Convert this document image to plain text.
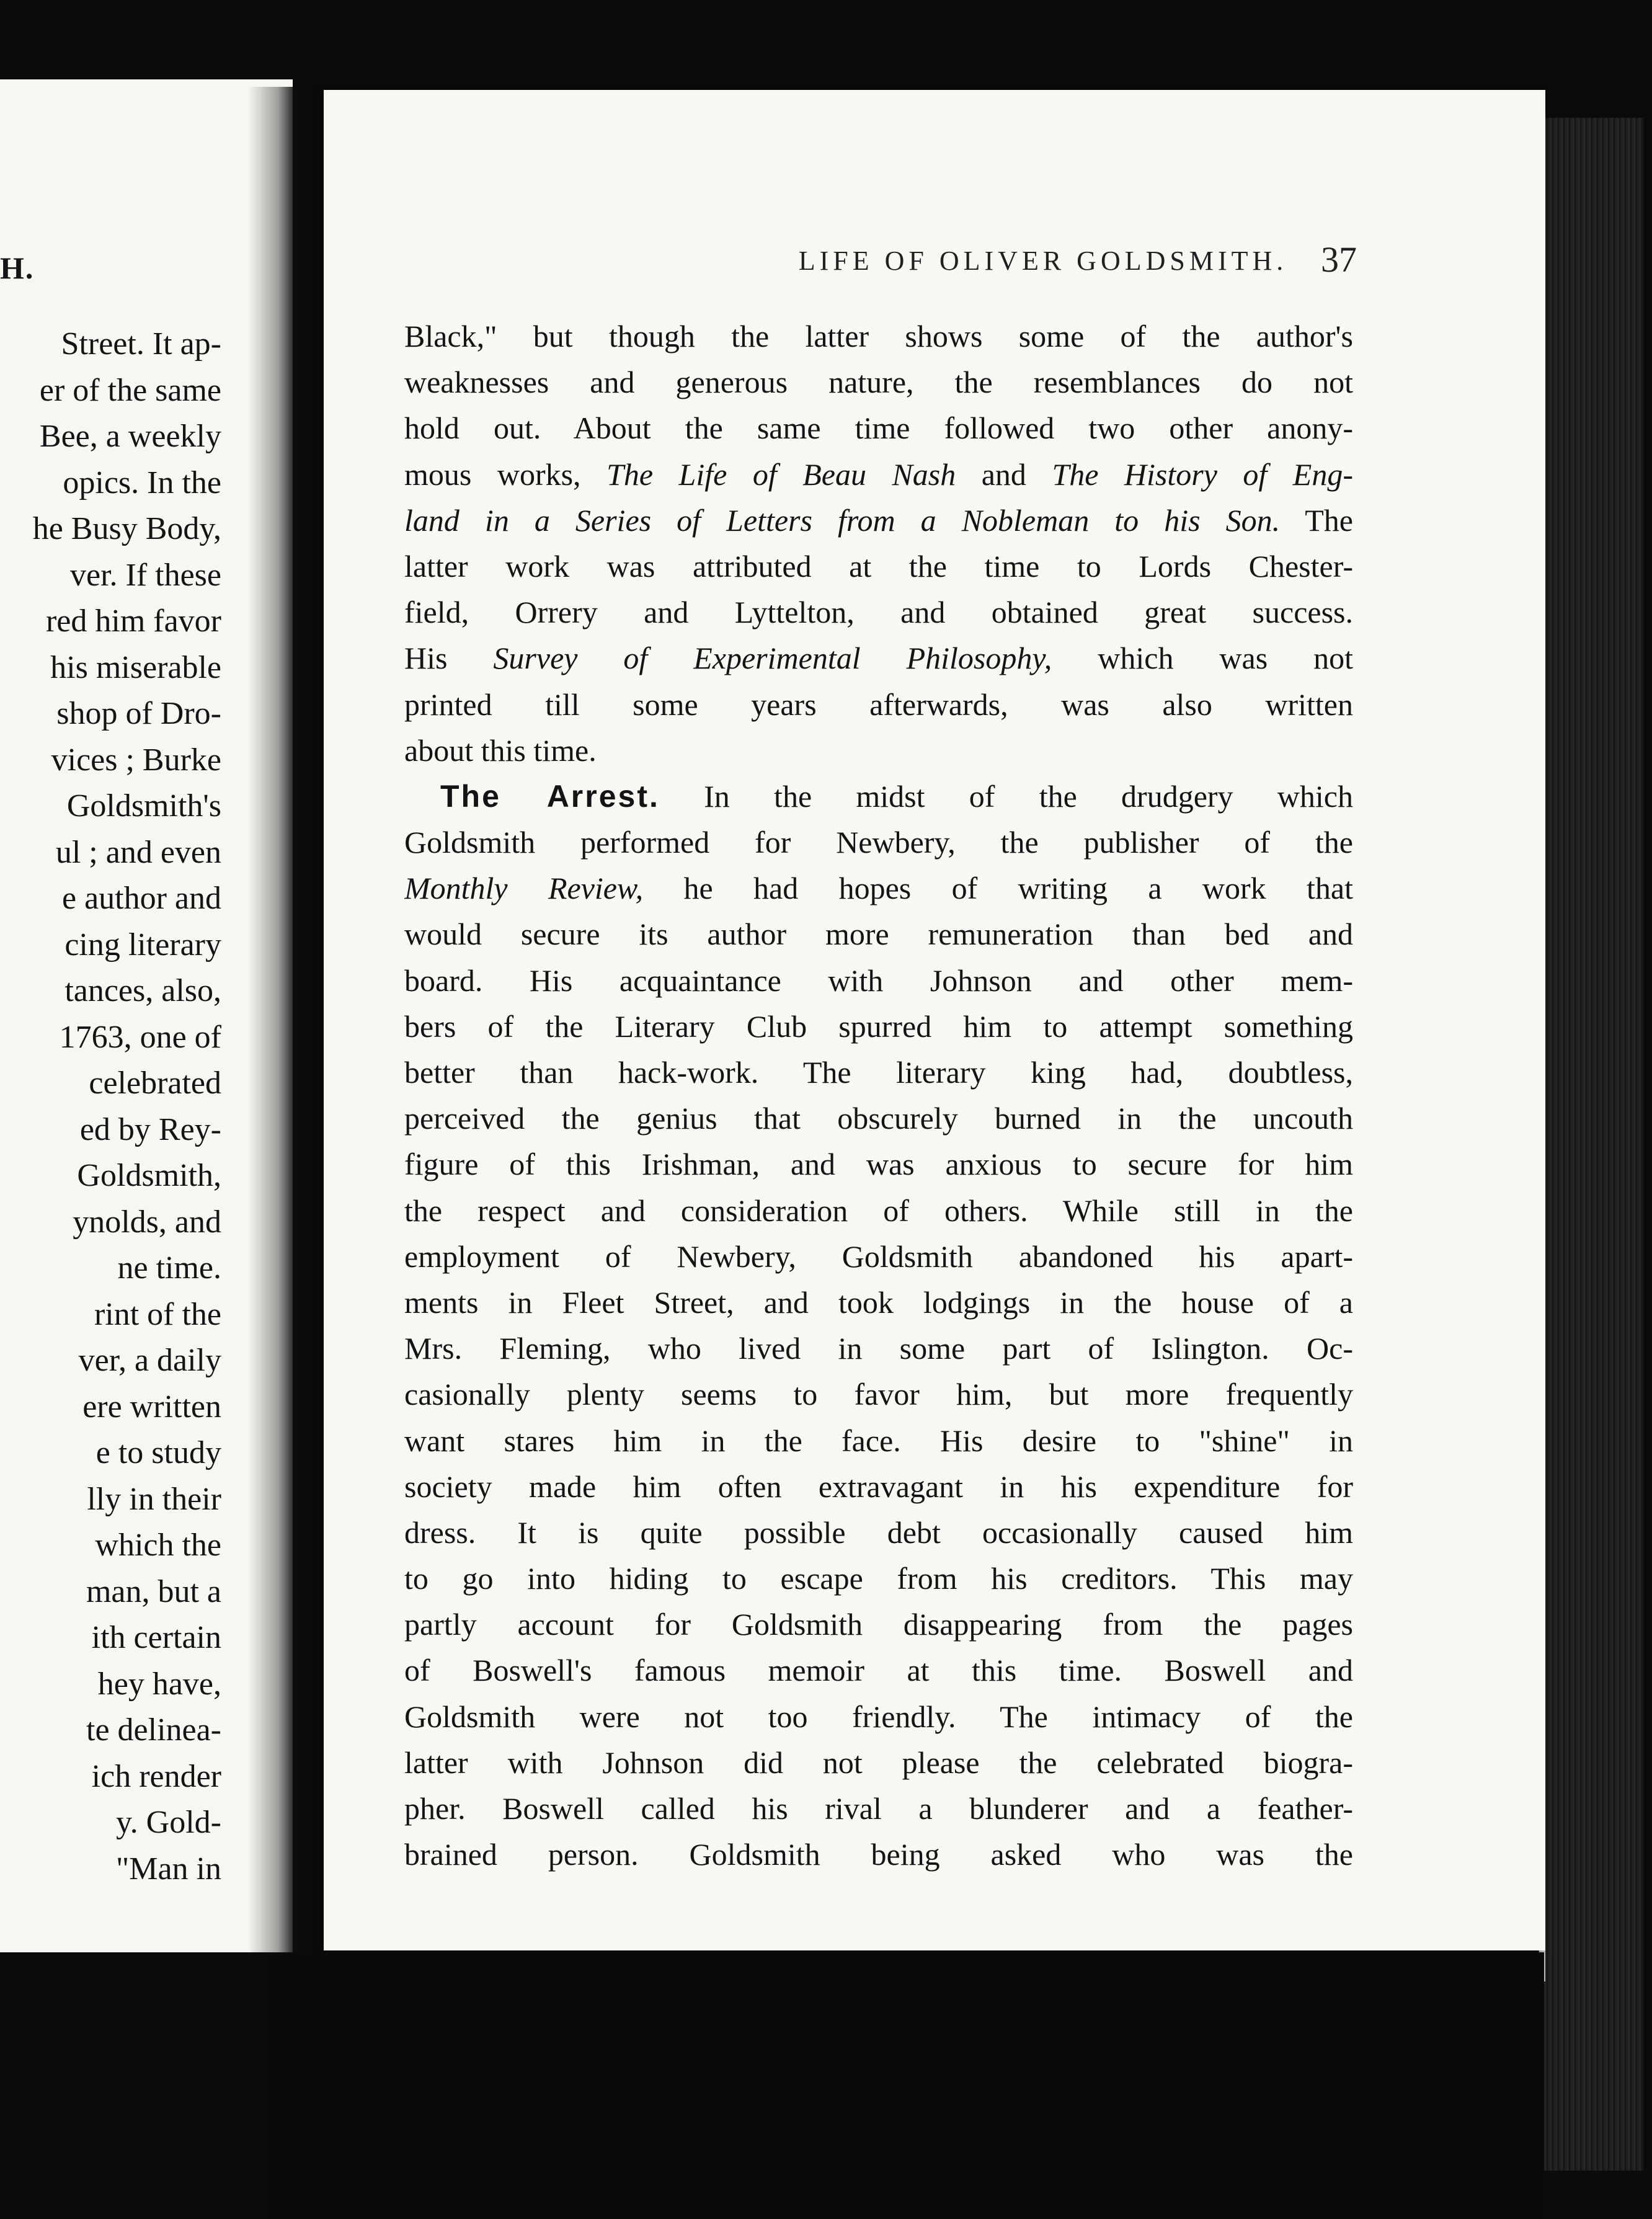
H.
Street. It ap-
er of the same
Bee, a weekly
opics. In the
he Busy Body,
ver. If these
red him favor
his miserable
shop of Dro-
vices ; Burke
Goldsmith's
ul ; and even
e author and
cing literary
tances, also,
1763, one of
celebrated
ed by Rey-
Goldsmith,
ynolds, and
ne time.
rint of the
ver, a daily
ere written
e to study
lly in their
which the
man, but a
ith certain
hey have,
te delinea-
ich render
y. Gold-
"Man in
LIFE OF OLIVER GOLDSMITH. 37
Black," but though the latter shows some of the author's
weaknesses and generous nature, the resemblances do not
hold out. About the same time followed two other anony-
mous works, The Life of Beau Nash and The History of Eng-
land in a Series of Letters from a Nobleman to his Son. The
latter work was attributed at the time to Lords Chester-
field, Orrery and Lyttelton, and obtained great success.
His Survey of Experimental Philosophy, which was not
printed till some years afterwards, was also written
about this time.
The Arrest. In the midst of the drudgery which
Goldsmith performed for Newbery, the publisher of the
Monthly Review, he had hopes of writing a work that
would secure its author more remuneration than bed and
board. His acquaintance with Johnson and other mem-
bers of the Literary Club spurred him to attempt something
better than hack-work. The literary king had, doubtless,
perceived the genius that obscurely burned in the uncouth
figure of this Irishman, and was anxious to secure for him
the respect and consideration of others. While still in the
employment of Newbery, Goldsmith abandoned his apart-
ments in Fleet Street, and took lodgings in the house of a
Mrs. Fleming, who lived in some part of Islington. Oc-
casionally plenty seems to favor him, but more frequently
want stares him in the face. His desire to "shine" in
society made him often extravagant in his expenditure for
dress. It is quite possible debt occasionally caused him
to go into hiding to escape from his creditors. This may
partly account for Goldsmith disappearing from the pages
of Boswell's famous memoir at this time. Boswell and
Goldsmith were not too friendly. The intimacy of the
latter with Johnson did not please the celebrated biogra-
pher. Boswell called his rival a blunderer and a feather-
brained person. Goldsmith being asked who was the
